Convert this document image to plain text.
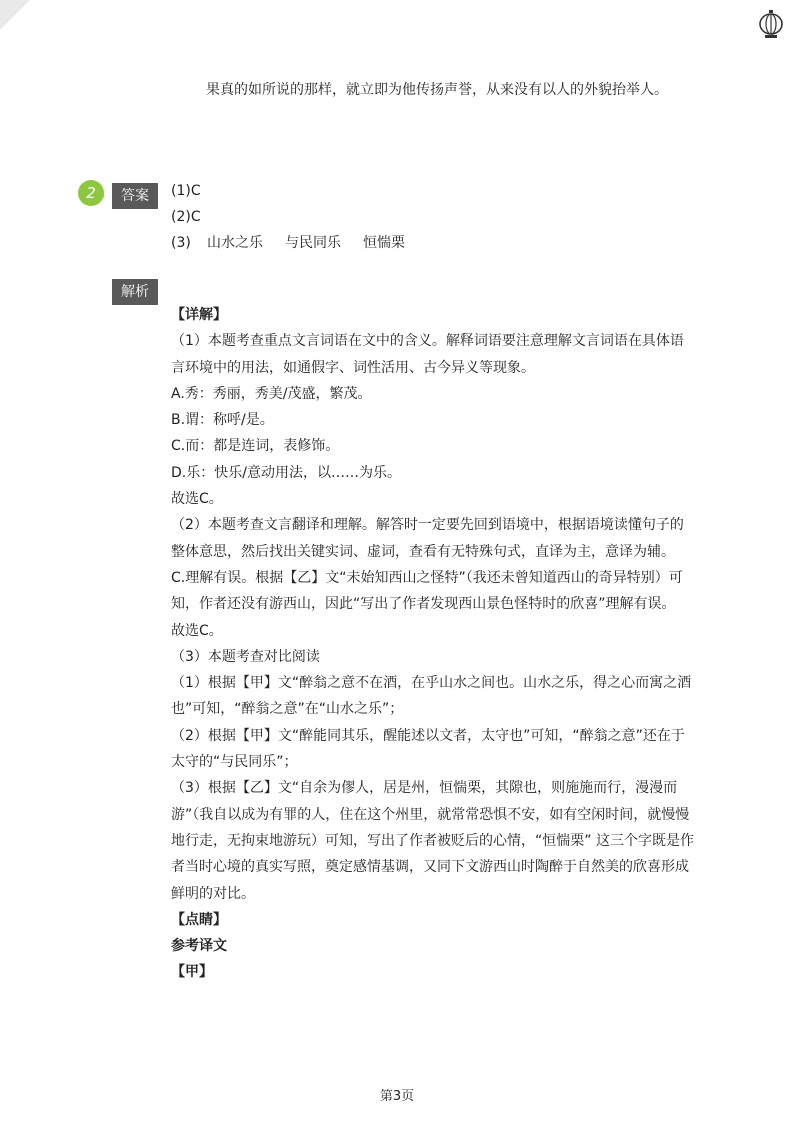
果真的如所说的那样，就立即为他传扬声誉，从来没有以人的外貌抬举人。
2	答案	(1)C
(2)C
(3) 山水之乐 与民同乐 恒惴栗
解析

【详解】

（1）本题考查重点文言词语在文中的含义。解释词语要注意理解文言词语在具体语言环境中的用法，如通假字、词性活用、古今异义等现象。

A.秀：秀丽，秀美/茂盛，繁茂。

B.谓：称呼/是。

C.而：都是连词，表修饰。

D.乐：快乐/意动用法，以……为乐。

故选C。

（2）本题考查文言翻译和理解。解答时一定要先回到语境中，根据语境读懂句子的整体意思，然后找出关键实词、虚词，查看有无特殊句式，直译为主，意译为辅。

C.理解有误。根据【乙】文“未始知西山之怪特”（我还未曾知道西山的奇异特别）可知，作者还没有游西山，因此“写出了作者发现西山景色怪特时的欣喜”理解有误。

故选C。

（3）本题考查对比阅读

（1）根据【甲】文“醉翁之意不在酒，在乎山水之间也。山水之乐，得之心而寓之酒也”可知，“醉翁之意”在“山水之乐”；

（2）根据【甲】文“醉能同其乐，醒能述以文者，太守也”可知，“醉翁之意”还在于太守的“与民同乐”；

（3）根据【乙】文“自余为僇人，居是州，恒惴栗，其隙也，则施施而行，漫漫而游”（我自以成为有罪的人，住在这个州里，就常常恐惧不安，如有空闲时间，就慢慢地行走，无拘束地游玩）可知，写出了作者被贬后的心情，“恒惴栗” 这三个字既是作者当时心境的真实写照，奠定感情基调，又同下文游西山时陶醉于自然美的欣喜形成鲜明的对比。

【点睛】

参考译文

【甲】

第3页
